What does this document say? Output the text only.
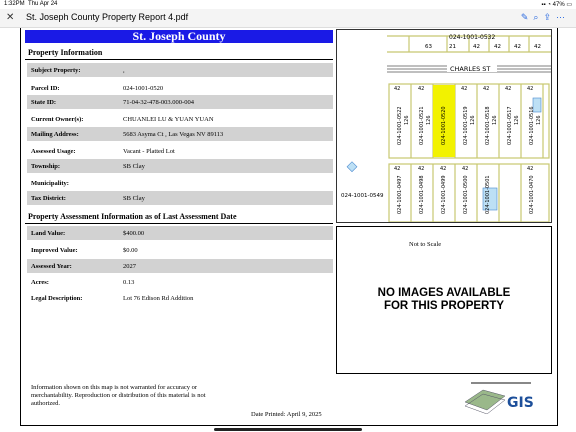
1:32PM Thu Apr 24	▪▪ ◔ 47% ▭
✕ St. Joseph County Property Report 4.pdf	✎⌕⇪⋯
St. Joseph County
Property Information
Subject Property:	,
Parcel ID:	024-1001-0520
State ID:	71-04-32-478-003.000-004
Current Owner(s):	CHUANLEI LU & YUAN YUAN
Mailing Address:	5683 Asyma Ct , Las Vegas NV 89113
Assessed Usage:	Vacant - Platted Lot
Township:	SB Clay
Municipality:
Tax District:	SB Clay
Property Assessment Information as of Last Assessment Date
Land Value:	$400.00
Improved Value:	$0.00
Assessed Year:	2027
Acres:	0.13
Legal Description:	Lot 76 Edison Rd Addition
024-1001-0532
63	21	42	42 42 42
CHARLES ST
024-1001-0522	024-1001-0521	024-1001-0520	024-1001-0519	024-1001-0518	024-1001-0517	024-1001-0516
42	42	42	42	42	42
126	126	126	126	126	126
024-1001-0497	024-1001-0498	024-1001-0499	024-1001-0500	024-1001-0501	024-1001-0470
42	42	42	42	42
024-1001-0549
Not to Scale
NO IMAGES AVAILABLE
FOR THIS PROPERTY
Information shown on this map is not warranted for accuracy or merchantability. Reproduction or distribution of this material is not authorized.
Date Printed: April 9, 2025
GIS
